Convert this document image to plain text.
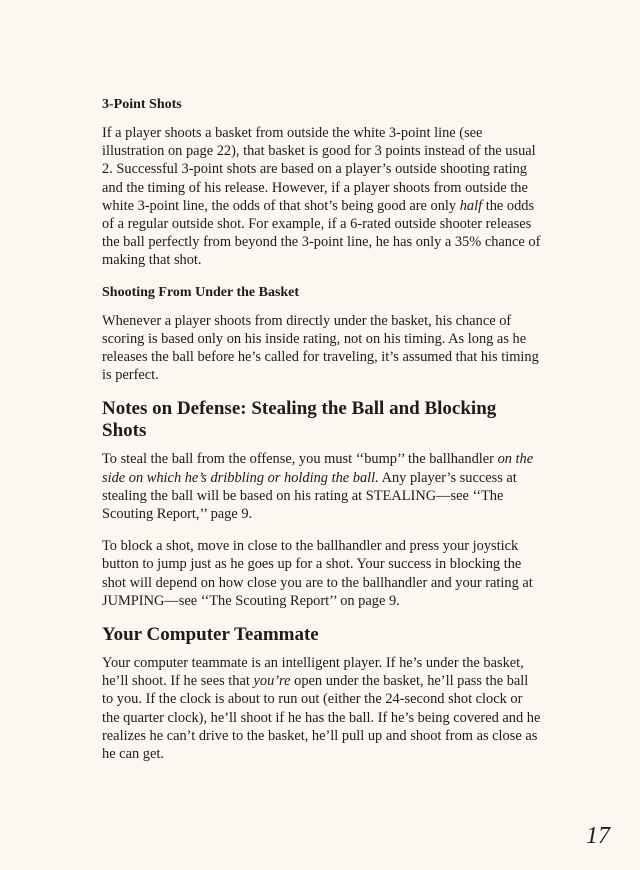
3-Point Shots

If a player shoots a basket from outside the white 3-point line (see illustration on page 22), that basket is good for 3 points instead of the usual 2. Successful 3-point shots are based on a player’s outside shooting rating and the timing of his release. However, if a player shoots from outside the white 3-point line, the odds of that shot’s being good are only half the odds of a regular outside shot. For example, if a 6-rated outside shooter releases the ball perfectly from beyond the 3-point line, he has only a 35% chance of making that shot.

Shooting From Under the Basket

Whenever a player shoots from directly under the basket, his chance of scoring is based only on his inside rating, not on his timing. As long as he releases the ball before he’s called for traveling, it’s assumed that his timing is perfect.

Notes on Defense: Stealing the Ball and Blocking Shots

To steal the ball from the offense, you must ‘‘bump’’ the ballhandler on the side on which he’s dribbling or holding the ball. Any player’s success at stealing the ball will be based on his rating at STEALING—see ‘‘The Scouting Report,’’ page 9.

To block a shot, move in close to the ballhandler and press your joystick button to jump just as he goes up for a shot. Your success in blocking the shot will depend on how close you are to the ballhandler and your rating at JUMPING—see ‘‘The Scouting Report’’ on page 9.

Your Computer Teammate

Your computer teammate is an intelligent player. If he’s under the basket, he’ll shoot. If he sees that you’re open under the basket, he’ll pass the ball to you. If the clock is about to run out (either the 24-second shot clock or the quarter clock), he’ll shoot if he has the ball. If he’s being covered and he realizes he can’t drive to the basket, he’ll pull up and shoot from as close as he can get.

17
